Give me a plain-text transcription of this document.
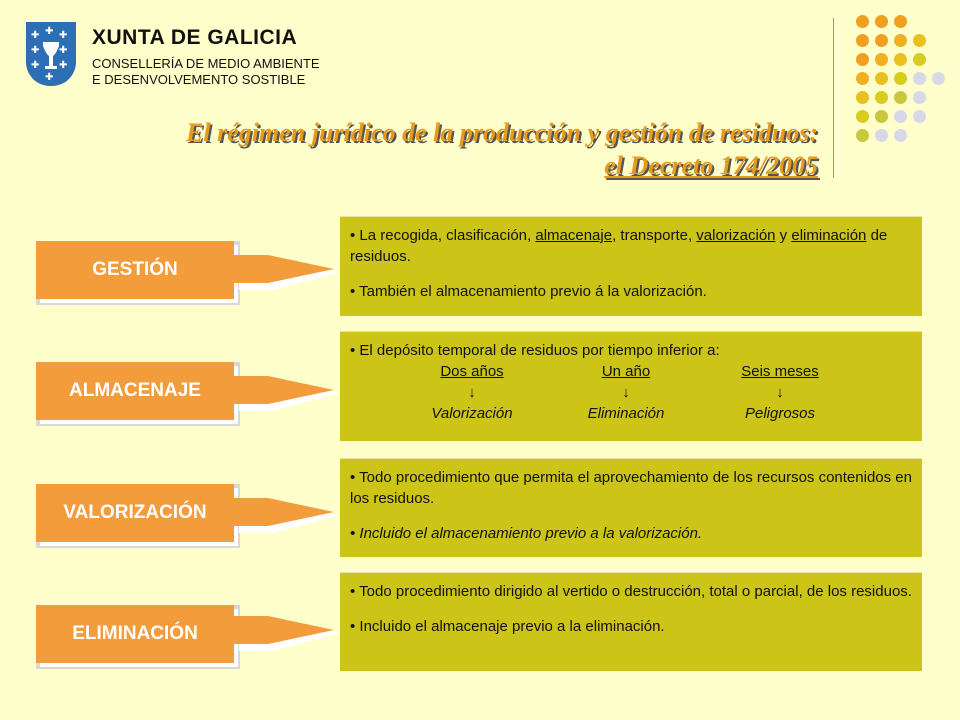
✚ ✚ ✚
✚ ✚
✚ ✚
✚
XUNTA DE GALICIA
CONSELLERÍA DE MEDIO AMBIENTE
E DESENVOLVEMENTO SOSTIBLE
El régimen jurídico de la producción y gestión de residuos:
el Decreto 174/2005
GESTIÓN

• La recogida, clasificación, almacenaje, transporte, valorización y eliminación de residuos.

• También el almacenamiento previo á la valorización.

ALMACENAJE

• El depósito temporal de residuos por tiempo inferior a:

Dos años
↓
Valorización
Un año
↓
Eliminación
Seis meses
↓
Peligrosos
VALORIZACIÓN

• Todo procedimiento que permita el aprovechamiento de los recursos contenidos en los residuos.

• Incluido el almacenamiento previo a la valorización.

ELIMINACIÓN

• Todo procedimiento dirigido al vertido o destrucción, total o parcial, de los residuos.

• Incluido el almacenaje previo a la eliminación.
